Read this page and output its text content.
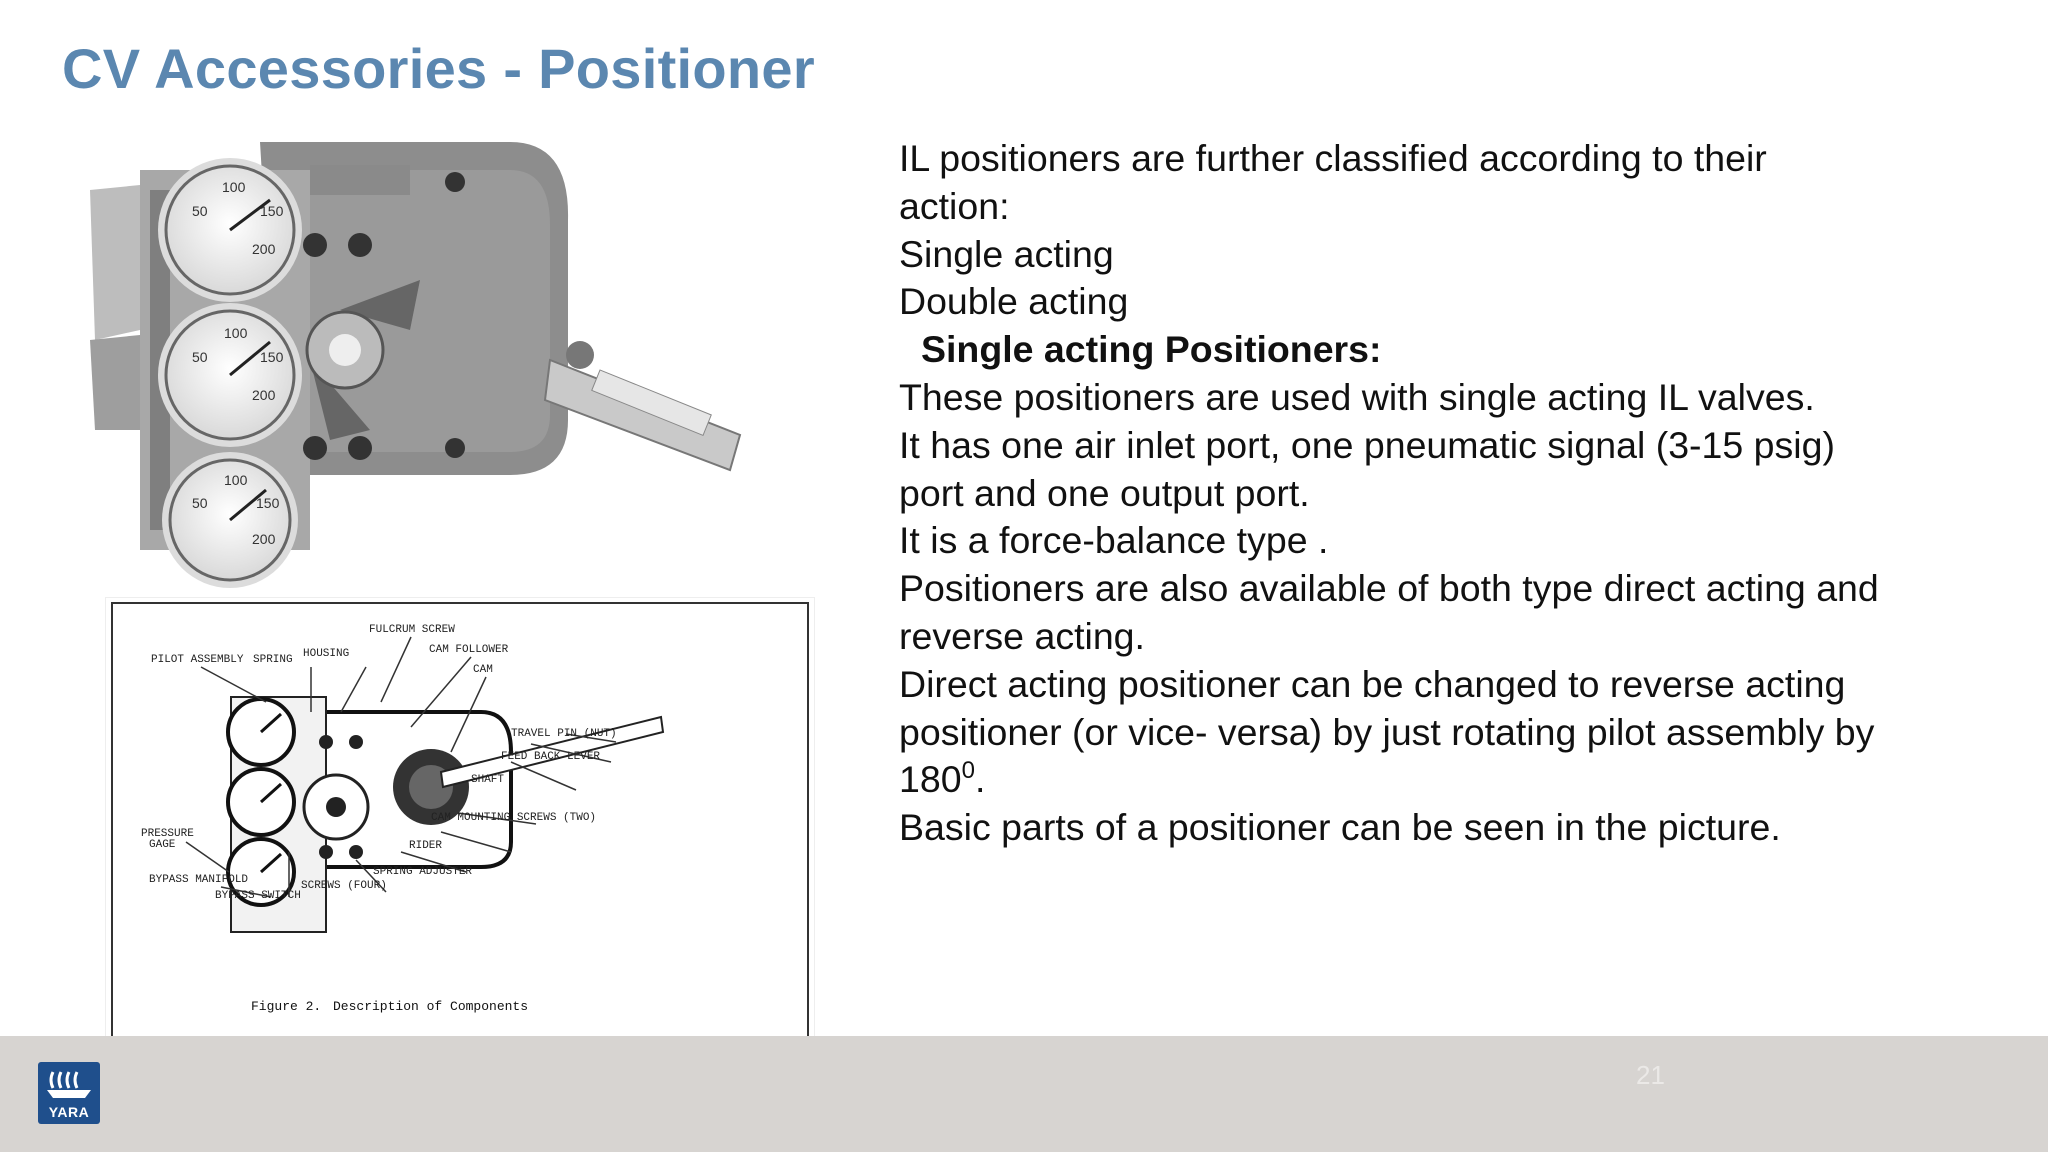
CV Accessories - Positioner
100
150
50
200
100
150
50
200
100
150
50
200
FULCRUM SCREW
CAM FOLLOWER
PILOT ASSEMBLY SPRING HOUSING
CAM
TRAVEL PIN (NUT)
FEED BACK LEVER
SHAFT
CAM MOUNTING SCREWS (TWO)
PRESSURE
GAGE	RIDER
SPRING ADJUSTER
BYPASS MANIFOLD	SCREWS (FOUR)
BYPASS SWITCH
Figure 2. Description of Components
IL positioners are further classified according to their
action:
Single acting
Double acting
Single acting Positioners:
These positioners are used with single acting IL valves.
It has one air inlet port, one pneumatic signal (3-15 psig)
port and one output port.
It is a force-balance type .
Positioners are also available of both type direct acting and
reverse acting.
Direct acting positioner can be changed to reverse acting
positioner (or vice- versa) by just rotating pilot assembly by
$180^0$.
Basic parts of a positioner can be seen in the picture.
21
YARA
